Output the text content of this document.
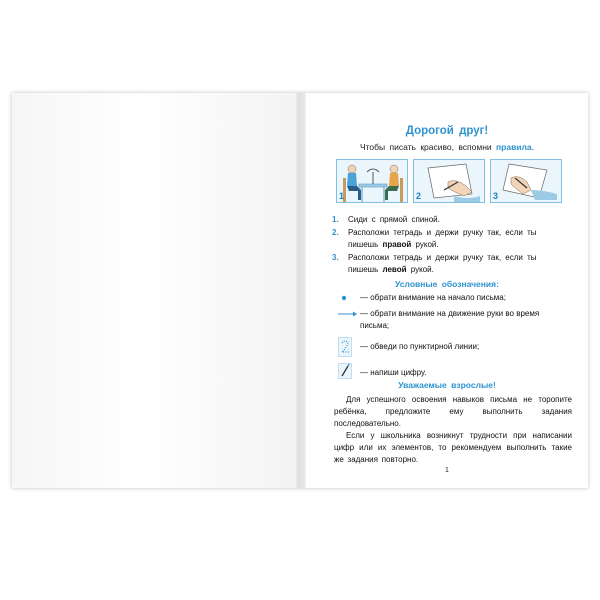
Дорогой друг!
Чтобы писать красиво, вспомни правила.
1	2	3
1. Сиди с прямой спиной.
2. Расположи тетрадь и держи ручку так, если ты пишешь правой рукой.
3. Расположи тетрадь и держи ручку так, если ты пишешь левой рукой.
Условные обозначения:
— обрати внимание на начало письма;
— обрати внимание на движение руки во время письма;
— обведи по пунктирной линии;
— напиши цифру.
Уважаемые взрослые!
Для успешного освоения навыков письма не торопите ребёнка, предложите ему выполнить задания последовательно.
Если у школьника возникнут трудности при написании цифр или их элементов, то рекомендуем выполнить такие же задания повторно.
1
